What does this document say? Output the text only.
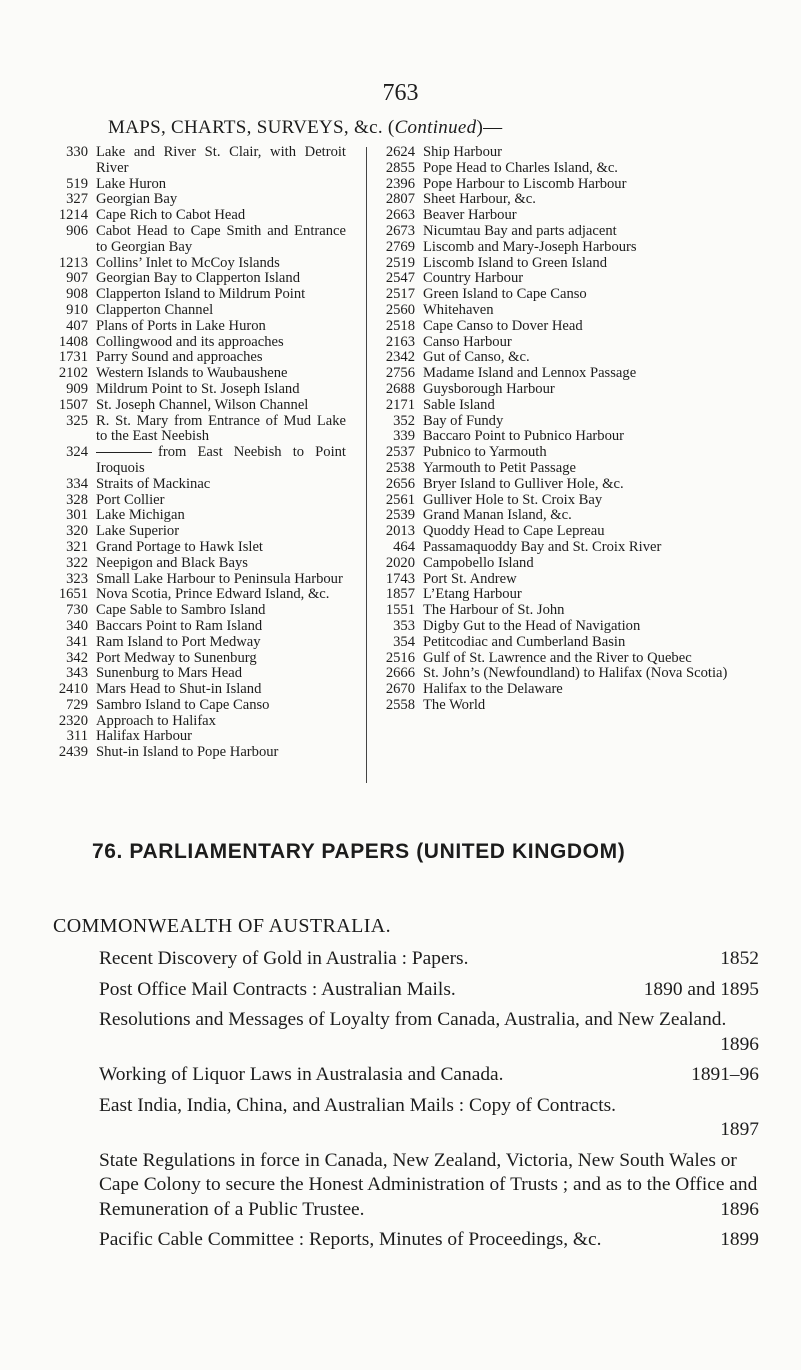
763
MAPS, CHARTS, SURVEYS, &c. (Continued)—
330 Lake and River St. Clair, with Detroit River
519 Lake Huron
327 Georgian Bay
1214 Cape Rich to Cabot Head
906 Cabot Head to Cape Smith and Entrance to Georgian Bay
1213 Collins’ Inlet to McCoy Islands
907 Georgian Bay to Clapperton Island
908 Clapperton Island to Mildrum Point
910 Clapperton Channel
407 Plans of Ports in Lake Huron
1408 Collingwood and its approaches
1731 Parry Sound and approaches
2102 Western Islands to Waubaushene
909 Mildrum Point to St. Joseph Island
1507 St. Joseph Channel, Wilson Channel
325 R. St. Mary from Entrance of Mud Lake to the East Neebish
324	from East Neebish to Point Iroquois
334 Straits of Mackinac
328 Port Collier
301 Lake Michigan
320 Lake Superior
321 Grand Portage to Hawk Islet
322 Neepigon and Black Bays
323 Small Lake Harbour to Peninsula Harbour
1651 Nova Scotia, Prince Edward Island, &c.
730 Cape Sable to Sambro Island
340 Baccars Point to Ram Island
341 Ram Island to Port Medway
342 Port Medway to Sunenburg
343 Sunenburg to Mars Head
2410 Mars Head to Shut-in Island
729 Sambro Island to Cape Canso
2320 Approach to Halifax
311 Halifax Harbour
2439 Shut-in Island to Pope Harbour
2624 Ship Harbour
2855 Pope Head to Charles Island, &c.
2396 Pope Harbour to Liscomb Harbour
2807 Sheet Harbour, &c.
2663 Beaver Harbour
2673 Nicumtau Bay and parts adjacent
2769 Liscomb and Mary-Joseph Harbours
2519 Liscomb Island to Green Island
2547 Country Harbour
2517 Green Island to Cape Canso
2560 Whitehaven
2518 Cape Canso to Dover Head
2163 Canso Harbour
2342 Gut of Canso, &c.
2756 Madame Island and Lennox Passage
2688 Guysborough Harbour
2171 Sable Island
352 Bay of Fundy
339 Baccaro Point to Pubnico Harbour
2537 Pubnico to Yarmouth
2538 Yarmouth to Petit Passage
2656 Bryer Island to Gulliver Hole, &c.
2561 Gulliver Hole to St. Croix Bay
2539 Grand Manan Island, &c.
2013 Quoddy Head to Cape Lepreau
464 Passamaquoddy Bay and St. Croix River
2020 Campobello Island
1743 Port St. Andrew
1857 L’Etang Harbour
1551 The Harbour of St. John
353 Digby Gut to the Head of Navigation
354 Petitcodiac and Cumberland Basin
2516 Gulf of St. Lawrence and the River to Quebec
2666 St. John’s (Newfoundland) to Halifax (Nova Scotia)
2670 Halifax to the Delaware
2558 The World
76. PARLIAMENTARY PAPERS (UNITED KINGDOM)
COMMONWEALTH OF AUSTRALIA.
Recent Discovery of Gold in Australia : Papers.	1852
Post Office Mail Contracts : Australian Mails.	1890 and 1895
Resolutions and Messages of Loyalty from Canada, Australia, and New Zealand.
1896
Working of Liquor Laws in Australasia and Canada.	1891–96
East India, India, China, and Australian Mails : Copy of Contracts.
1897
State Regulations in force in Canada, New Zealand, Victoria, New South Wales or Cape Colony to secure the Honest Administration of Trusts ; and as to the Office and Remuneration of a Public Trustee.	1896
Pacific Cable Committee : Reports, Minutes of Proceedings, &c.	1899
